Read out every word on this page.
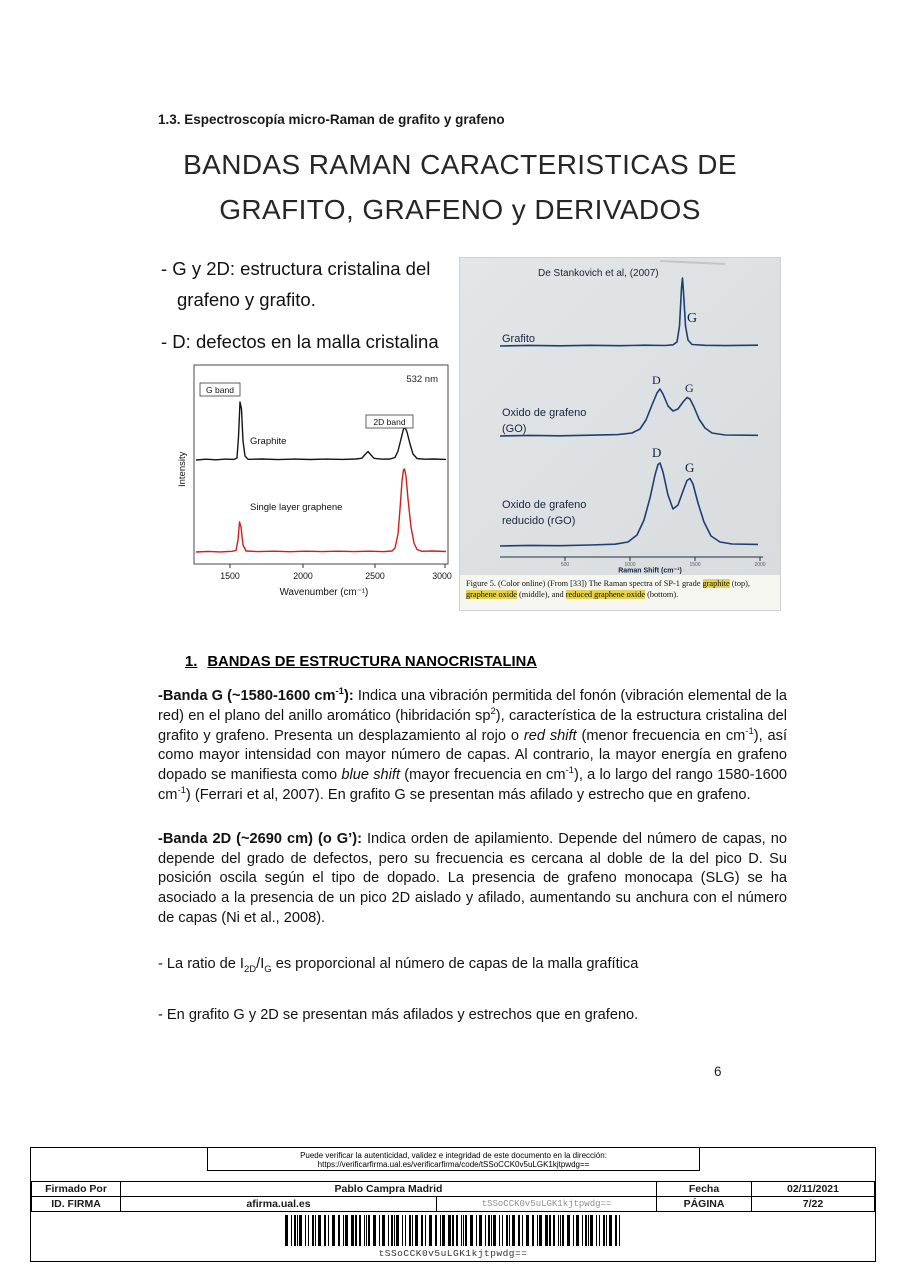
1.3. Espectroscopía micro-Raman de grafito y grafeno
BANDAS RAMAN CARACTERISTICAS DE
GRAFITO, GRAFENO y DERIVADOS
- G y 2D: estructura cristalina del
grafeno y grafito.
- D: defectos en la malla cristalina
532 nm
G band
Graphite
2D band
Single layer graphene
Intensity
1500	2000	2500	3000
Wavenumber (cm⁻¹)
De Stankovich et al, (2007)
Grafito
G
D
G
Oxido de grafeno
(GO)
D
G
Oxido de grafeno
reducido (rGO)
500	1000	1500	2000
Raman Shift (cm⁻¹)
Figure 5. (Color online) (From [33]) The Raman spectra of SP-1 grade graphite (top), graphene oxide (middle), and reduced graphene oxide (bottom).
1. BANDAS DE ESTRUCTURA NANOCRISTALINA

-Banda G (~1580-1600 $cm^{-1}$): Indica una vibración permitida del fonón (vibración elemental de la red) en el plano del anillo aromático (hibridación $sp^2$), característica de la estructura cristalina del grafito y grafeno. Presenta un desplazamiento al rojo o red shift (menor frecuencia en $cm^{-1}$), así como mayor intensidad con mayor número de capas. Al contrario, la mayor energía en grafeno dopado se manifiesta como blue shift (mayor frecuencia en $cm^{-1}$), a lo largo del rango 1580-1600 $cm^{-1}$) (Ferrari et al, 2007). En grafito G se presentan más afilado y estrecho que en grafeno.

-Banda 2D (~2690 cm) (o G’): Indica orden de apilamiento. Depende del número de capas, no depende del grado de defectos, pero su frecuencia es cercana al doble de la del pico D. Su posición oscila según el tipo de dopado. La presencia de grafeno monocapa (SLG) se ha asociado a la presencia de un pico 2D aislado y afilado, aumentando su anchura con el número de capas (Ni et al., 2008).

- La ratio de $I_{2D}/I_G$ es proporcional al número de capas de la malla grafítica

- En grafito G y 2D se presentan más afilados y estrechos que en grafeno.

6
Puede verificar la autenticidad, validez e integridad de este documento en la dirección:
https://verificarfirma.ual.es/verificarfirma/code/tSSoCCK0v5uLGK1kjtpwdg==
Firmado Por	Pablo Campra Madrid	Fecha	02/11/2021
ID. FIRMA	afirma.ual.es	tSSoCCK0v5uLGK1kjtpwdg==	PÁGINA	7/22
tSSoCCK0v5uLGK1kjtpwdg==
